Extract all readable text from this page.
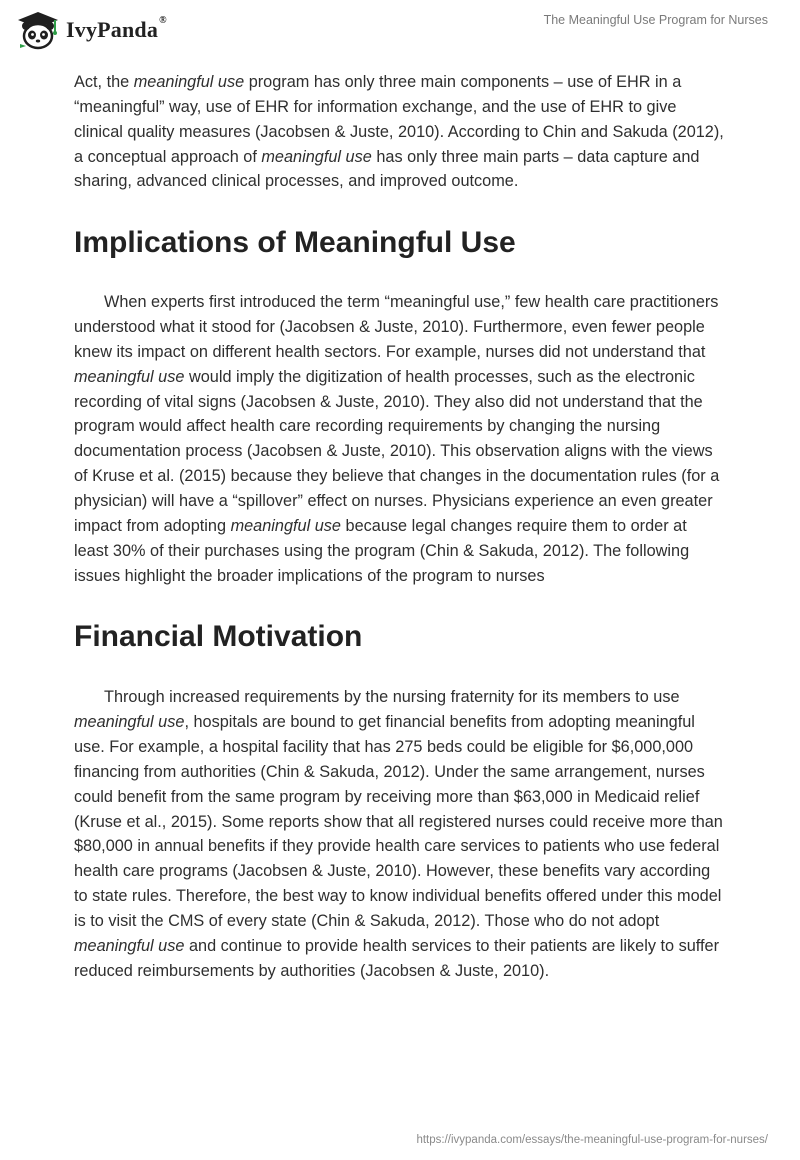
IvyPanda®	The Meaningful Use Program for Nurses

Act, the meaningful use program has only three main components – use of EHR in a “meaningful” way, use of EHR for information exchange, and the use of EHR to give clinical quality measures (Jacobsen & Juste, 2010). According to Chin and Sakuda (2012), a conceptual approach of meaningful use has only three main parts – data capture and sharing, advanced clinical processes, and improved outcome.

Implications of Meaningful Use

When experts first introduced the term “meaningful use,” few health care practitioners understood what it stood for (Jacobsen & Juste, 2010). Furthermore, even fewer people knew its impact on different health sectors. For example, nurses did not understand that meaningful use would imply the digitization of health processes, such as the electronic recording of vital signs (Jacobsen & Juste, 2010). They also did not understand that the program would affect health care recording requirements by changing the nursing documentation process (Jacobsen & Juste, 2010). This observation aligns with the views of Kruse et al. (2015) because they believe that changes in the documentation rules (for a physician) will have a “spillover” effect on nurses. Physicians experience an even greater impact from adopting meaningful use because legal changes require them to order at least 30% of their purchases using the program (Chin & Sakuda, 2012). The following issues highlight the broader implications of the program to nurses

Financial Motivation

Through increased requirements by the nursing fraternity for its members to use meaningful use, hospitals are bound to get financial benefits from adopting meaningful use. For example, a hospital facility that has 275 beds could be eligible for $6,000,000 financing from authorities (Chin & Sakuda, 2012). Under the same arrangement, nurses could benefit from the same program by receiving more than $63,000 in Medicaid relief (Kruse et al., 2015). Some reports show that all registered nurses could receive more than $80,000 in annual benefits if they provide health care services to patients who use federal health care programs (Jacobsen & Juste, 2010). However, these benefits vary according to state rules. Therefore, the best way to know individual benefits offered under this model is to visit the CMS of every state (Chin & Sakuda, 2012). Those who do not adopt meaningful use and continue to provide health services to their patients are likely to suffer reduced reimbursements by authorities (Jacobsen & Juste, 2010).

https://ivypanda.com/essays/the-meaningful-use-program-for-nurses/
